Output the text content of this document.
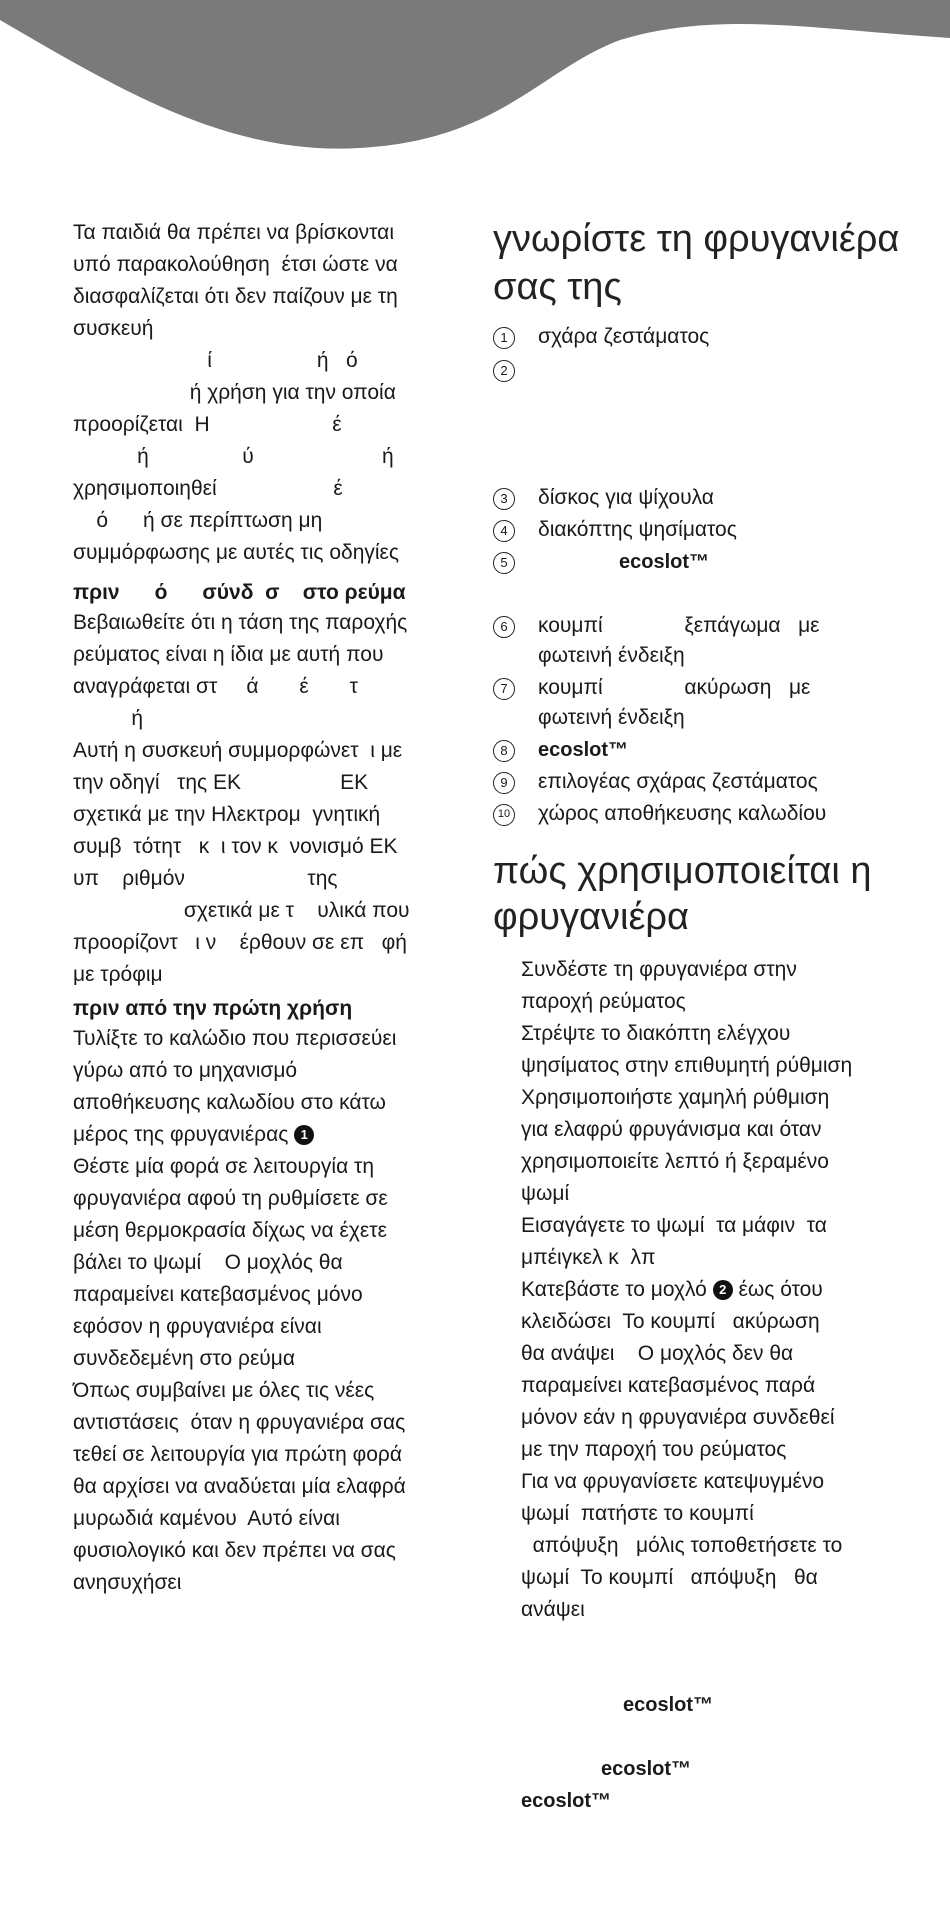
Τα παιδιά θα πρέπει να βρίσκονται
υπό παρακολούθηση  έτσι ώστε να
διασφαλίζεται ότι δεν παίζουν με τη
συσκευή
ί                  ή   ό
ή χρήση για την οποία
προορίζεται  Η                     έ
ή                ύ                      ή
χρησιμοποιηθεί                    έ
ό      ή σε περίπτωση μη
συμμόρφωσης με αυτές τις οδηγίες
πριν      ό      σύνδ  σ    στο ρεύμα
Βεβαιωθείτε ότι η τάση της παροχής
ρεύματος είναι η ίδια με αυτή που
αναγράφεται στ     ά       έ       τ
ή
Αυτή η συσκευή συμμορφώνετ  ι με
την οδηγί   της ΕΚ                 ΕΚ
σχετικά με την Ηλεκτρομ  γνητική
συμβ  τότητ   κ  ι τον κ  νονισμό ΕΚ
υπ    ριθμόν                     της
σχετικά με τ    υλικά που
προορίζοντ   ι ν    έρθουν σε επ   φή
με τρόφιμ
πριν από την πρώτη χρήση
Τυλίξτε το καλώδιο που περισσεύει
γύρω από το μηχανισμό
αποθήκευσης καλωδίου στο κάτω
μέρος της φρυγανιέρας 1
Θέστε μία φορά σε λειτουργία τη
φρυγανιέρα αφού τη ρυθμίσετε σε
μέση θερμοκρασία δίχως να έχετε
βάλει το ψωμί    Ο μοχλός θα
παραμείνει κατεβασμένος μόνο
εφόσον η φρυγανιέρα είναι
συνδεδεμένη στο ρεύμα
Όπως συμβαίνει με όλες τις νέες
αντιστάσεις  όταν η φρυγανιέρα σας
τεθεί σε λειτουργία για πρώτη φορά
θα αρχίσει να αναδύεται μία ελαφρά
μυρωδιά καμένου  Αυτό είναι
φυσιολογικό και δεν πρέπει να σας
ανησυχήσει
γνωρίστε τη φρυγανιέρα
σας της
1	σχάρα ζεστάματος
2
3	δίσκος για ψίχουλα
4	διακόπτης ψησίματος
5	ecoslot™
6	κουμπί              ξεπάγωμα   με
φωτεινή ένδειξη
7	κουμπί              ακύρωση   με
φωτεινή ένδειξη
8	ecoslot™
9	επιλογέας σχάρας ζεστάματος
10 χώρος αποθήκευσης καλωδίου
πώς χρησιμοποιείται η
φρυγανιέρα
Συνδέστε τη φρυγανιέρα στην
παροχή ρεύματος
Στρέψτε το διακόπτη ελέγχου
ψησίματος στην επιθυμητή ρύθμιση
Χρησιμοποιήστε χαμηλή ρύθμιση
για ελαφρύ φρυγάνισμα και όταν
χρησιμοποιείτε λεπτό ή ξεραμένο
ψωμί
Εισαγάγετε το ψωμί  τα μάφιν  τα
μπέιγκελ κ  λπ
Κατεβάστε το μοχλό 2 έως ότου
κλειδώσει  Το κουμπί   ακύρωση
θα ανάψει    Ο μοχλός δεν θα
παραμείνει κατεβασμένος παρά
μόνον εάν η φρυγανιέρα συνδεθεί
με την παροχή του ρεύματος
Για να φρυγανίσετε κατεψυγμένο
ψωμί  πατήστε το κουμπί
απόψυξη   μόλις τοποθετήσετε το
ψωμί  Το κουμπί   απόψυξη   θα
ανάψει
ecoslot™
ecoslot™
ecoslot™
